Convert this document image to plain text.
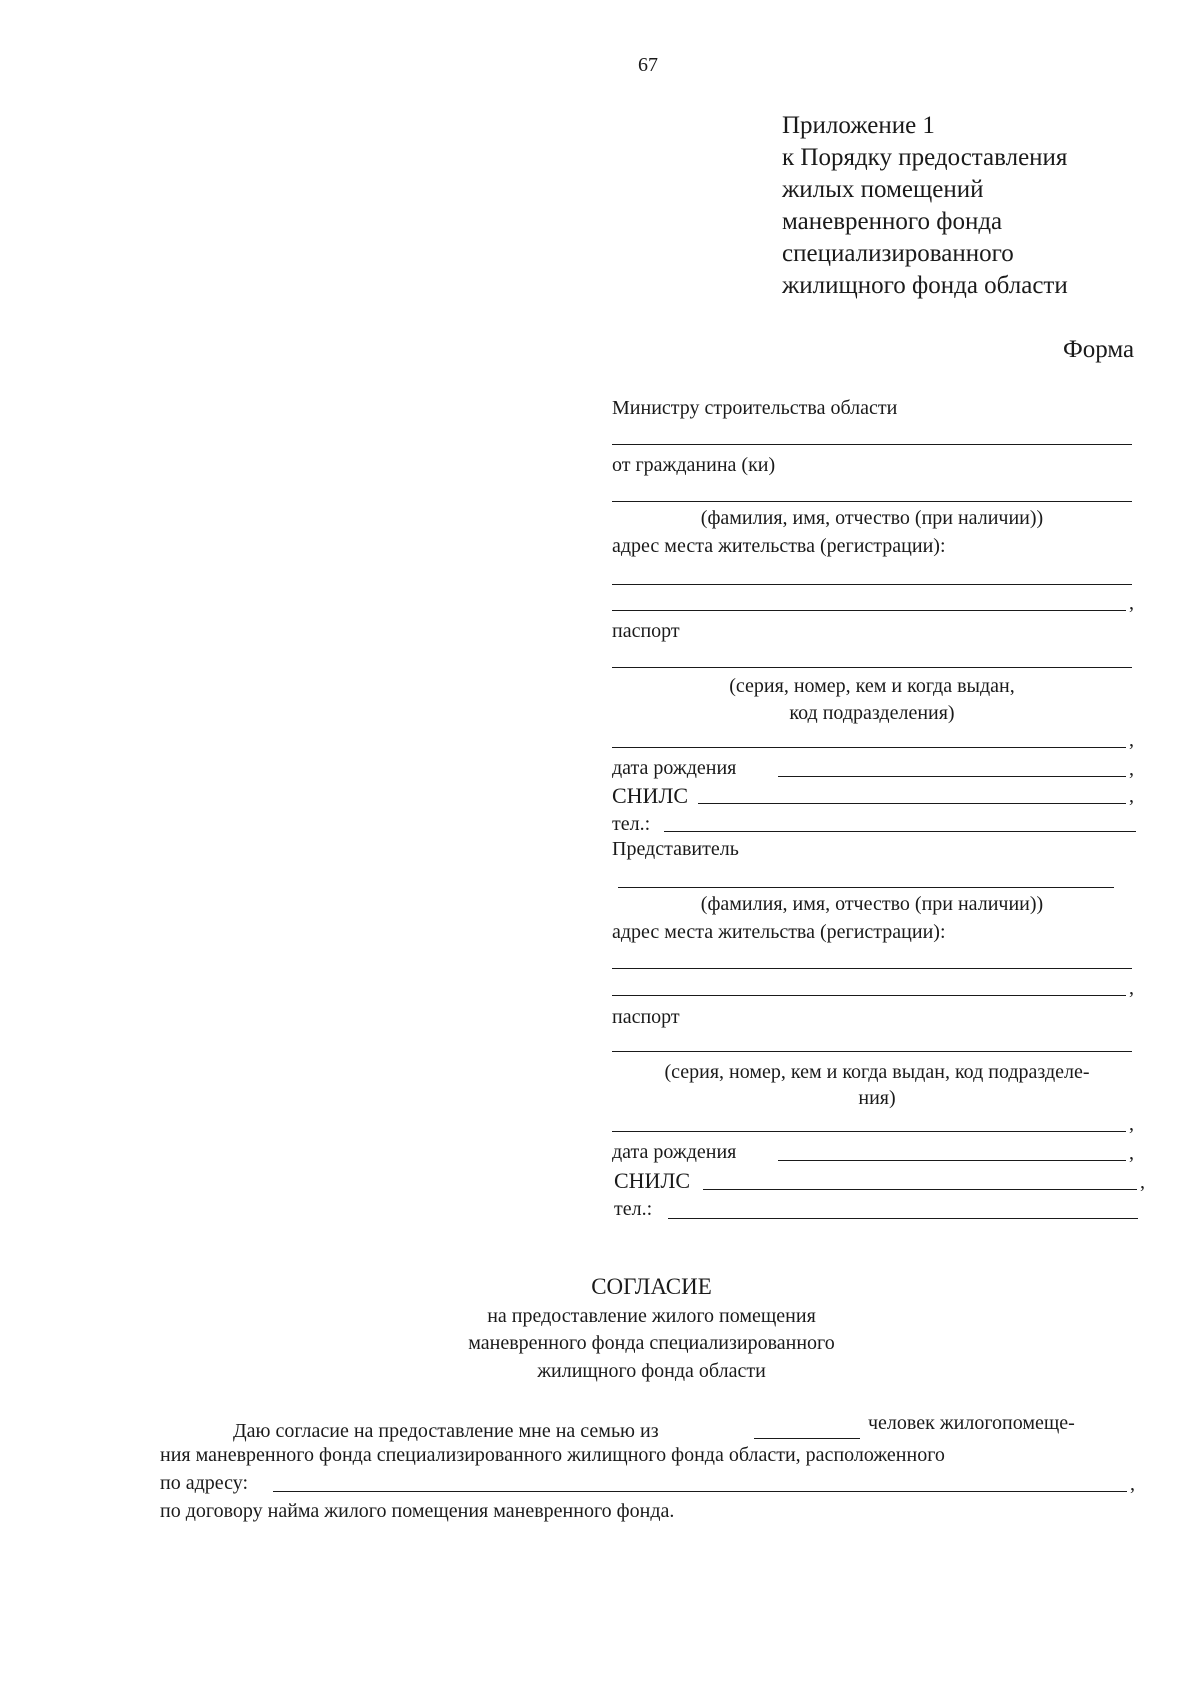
67
Приложение 1
к Порядку предоставления
жилых помещений
маневренного фонда
специализированного
жилищного фонда области
Форма
Министру строительства области
от гражданина (ки)
(фамилия, имя, отчество (при наличии))
адрес места жительства (регистрации):
,
паспорт
(серия, номер, кем и когда выдан,
код подразделения)
,
дата рождения	,
СНИЛС	,
тел.:
Представитель
(фамилия, имя, отчество (при наличии))
адрес места жительства (регистрации):
,
паспорт
(серия, номер, кем и когда выдан, код подразделе-
ния)
,
дата рождения	,
СНИЛС	,
тел.:
СОГЛАСИЕ
на предоставление жилого помещения
маневренного фонда специализированного
жилищного фонда области
Даю согласие на предоставление мне на семью из	человек жилогопомеще-
ния маневренного фонда специализированного жилищного фонда области, расположенного
по адресу:	,
по договору найма жилого помещения маневренного фонда.
